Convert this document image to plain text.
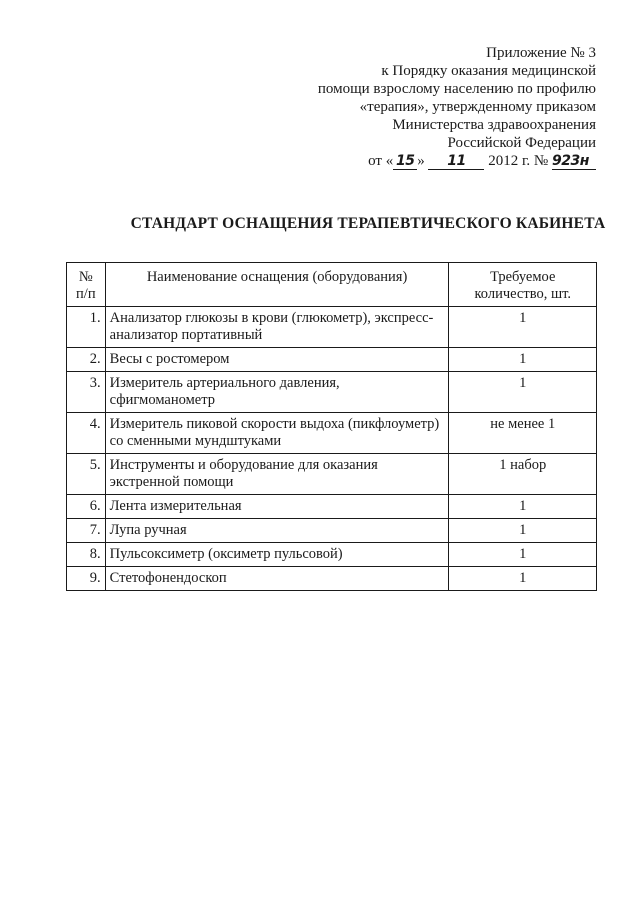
Приложение № 3
к Порядку оказания медицинской
помощи взрослому населению по профилю
«терапия», утвержденному приказом
Министерства здравоохранения
Российской Федерации
от « 15 » 11 2012 г. № 923н
СТАНДАРТ ОСНАЩЕНИЯ ТЕРАПЕВТИЧЕСКОГО КАБИНЕТА
№
п/п	Наименование оснащения (оборудования)	Требуемое
количество, шт.
1.	Анализатор глюкозы в крови (глюкометр), экспресс-анализатор портативный	1
2.	Весы с ростомером	1
3.	Измеритель артериального давления, сфигмоманометр	1
4.	Измеритель пиковой скорости выдоха (пикфлоуметр) со сменными мундштуками	не менее 1
5.	Инструменты и оборудование для оказания экстренной помощи	1 набор
6.	Лента измерительная	1
7.	Лупа ручная	1
8.	Пульсоксиметр (оксиметр пульсовой)	1
9.	Стетофонендоскоп	1
